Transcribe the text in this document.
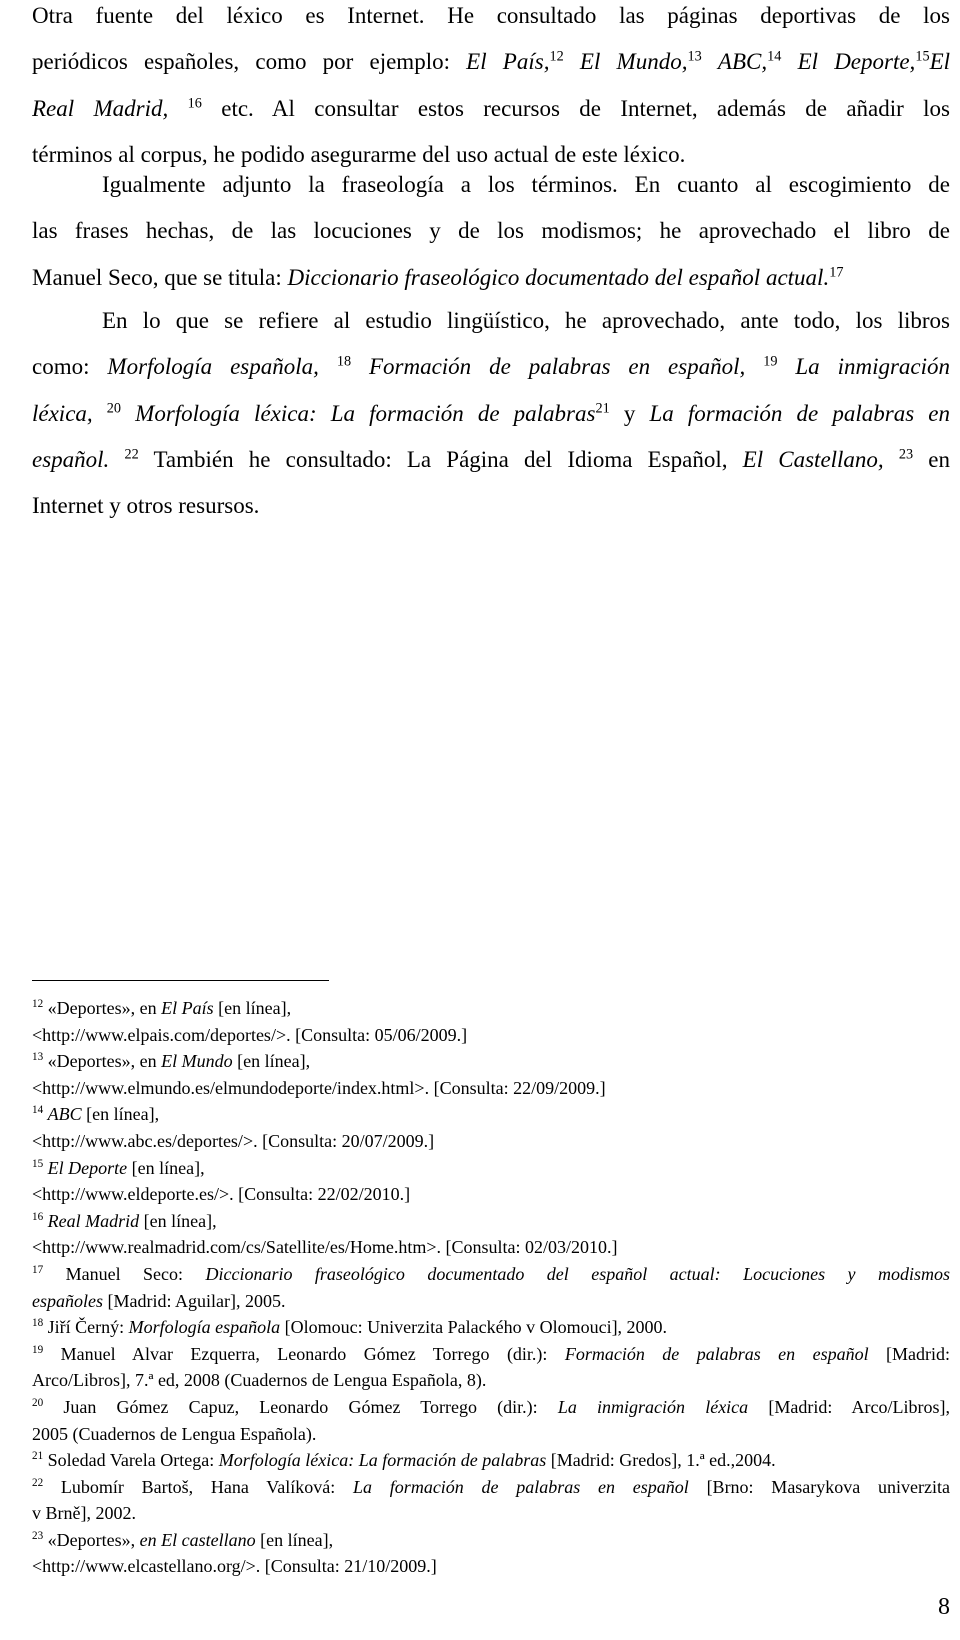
Otra fuente del léxico es Internet. He consultado las páginas deportivas de los
periódicos españoles, como por ejemplo: El País,$^{12}$ El Mundo,$^{13}$ ABC,$^{14}$ El Deporte,$^{15}$El
Real Madrid, $^{16}$ etc. Al consultar estos recursos de Internet, además de añadir los
términos al corpus, he podido asegurarme del uso actual de este léxico.
Igualmente adjunto la fraseología a los términos. En cuanto al escogimiento de
las frases hechas, de las locuciones y de los modismos; he aprovechado el libro de
Manuel Seco, que se titula: Diccionario fraseológico documentado del español actual.$^{17}$
En lo que se refiere al estudio lingüístico, he aprovechado, ante todo, los libros
como: Morfología española, $^{18}$ Formación de palabras en español, $^{19}$ La inmigración
léxica, $^{20}$ Morfología léxica: La formación de palabras$^{21}$ y La formación de palabras en
español. $^{22}$ También he consultado: La Página del Idioma Español, El Castellano, $^{23}$ en
Internet y otros resursos.
$^{12}$ «Deportes», en El País [en línea],
<http://www.elpais.com/deportes/>. [Consulta: 05/06/2009.]
$^{13}$ «Deportes», en El Mundo [en línea],
<http://www.elmundo.es/elmundodeporte/index.html>. [Consulta: 22/09/2009.]
$^{14}$ ABC [en línea],
<http://www.abc.es/deportes/>. [Consulta: 20/07/2009.]
$^{15}$ El Deporte [en línea],
<http://www.eldeporte.es/>. [Consulta: 22/02/2010.]
$^{16}$ Real Madrid [en línea],
<http://www.realmadrid.com/cs/Satellite/es/Home.htm>. [Consulta: 02/03/2010.]
$^{17}$ Manuel Seco: Diccionario fraseológico documentado del español actual: Locuciones y modismos
españoles [Madrid: Aguilar], 2005.
$^{18}$ Jiří Černý: Morfología española [Olomouc: Univerzita Palackého v Olomouci], 2000.
$^{19}$ Manuel Alvar Ezquerra, Leonardo Gómez Torrego (dir.): Formación de palabras en español [Madrid:
Arco/Libros], 7.ª ed, 2008 (Cuadernos de Lengua Española, 8).
$^{20}$ Juan Gómez Capuz, Leonardo Gómez Torrego (dir.): La inmigración léxica [Madrid: Arco/Libros],
2005 (Cuadernos de Lengua Española).
$^{21}$ Soledad Varela Ortega: Morfología léxica: La formación de palabras [Madrid: Gredos], 1.ª ed.,2004.
$^{22}$ Lubomír Bartoš, Hana Valíková: La formación de palabras en español [Brno: Masarykova univerzita
v Brně], 2002.
$^{23}$ «Deportes», en El castellano [en línea],
<http://www.elcastellano.org/>. [Consulta: 21/10/2009.]
8
